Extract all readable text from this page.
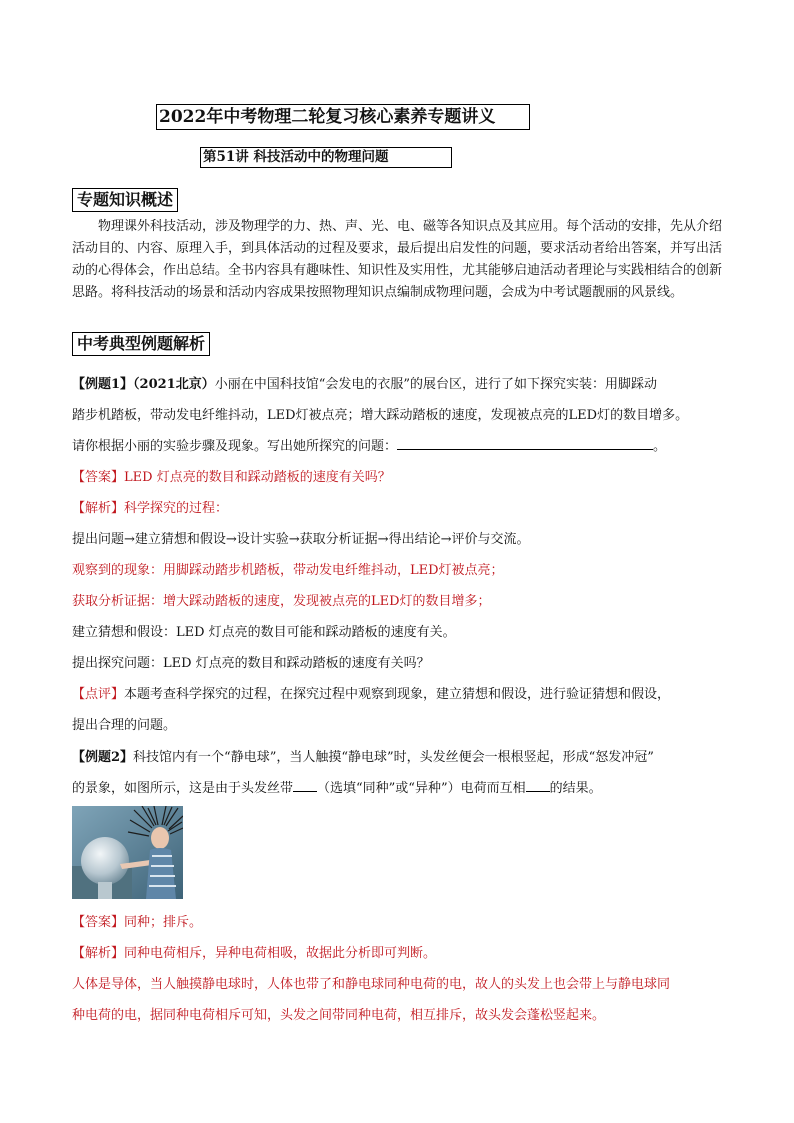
2022年中考物理二轮复习核心素养专题讲义
第51讲 科技活动中的物理问题
专题知识概述
物理课外科技活动，涉及物理学的力、热、声、光、电、磁等各知识点及其应用。每个活动的安排，先从介绍活动目的、内容、原理入手，到具体活动的过程及要求，最后提出启发性的问题，要求活动者给出答案，并写出活动的心得体会，作出总结。全书内容具有趣味性、知识性及实用性，尤其能够启迪活动者理论与实践相结合的创新思路。将科技活动的场景和活动内容成果按照物理知识点编制成物理问题，会成为中考试题靓丽的风景线。
中考典型例题解析
【例题1】（2021北京）小丽在中国科技馆“会发电的衣服”的展台区，进行了如下探究实装：用脚踩动
踏步机踏板，带动发电纤维抖动，LED灯被点亮；增大踩动踏板的速度，发现被点亮的LED灯的数目增多。
请你根据小丽的实验步骤及现象。写出她所探究的问题：	。
【答案】LED 灯点亮的数目和踩动踏板的速度有关吗？
【解析】科学探究的过程：
提出问题→建立猜想和假设→设计实验→获取分析证据→得出结论→评价与交流。
观察到的现象：用脚踩动踏步机踏板，带动发电纤维抖动，LED灯被点亮；
获取分析证据：增大踩动踏板的速度，发现被点亮的LED灯的数目增多；
建立猜想和假设：LED 灯点亮的数目可能和踩动踏板的速度有关。
提出探究问题：LED 灯点亮的数目和踩动踏板的速度有关吗？
【点评】本题考查科学探究的过程，在探究过程中观察到现象，建立猜想和假设，进行验证猜想和假设，
提出合理的问题。
【例题2】科技馆内有一个“静电球”，当人触摸“静电球”时，头发丝便会一根根竖起，形成“怒发冲冠”
的景象，如图所示，这是由于头发丝带 （选填“同种”或“异种”）电荷而互相 的结果。
【答案】同种；排斥。
【解析】同种电荷相斥，异种电荷相吸，故据此分析即可判断。
人体是导体，当人触摸静电球时，人体也带了和静电球同种电荷的电，故人的头发上也会带上与静电球同
种电荷的电，据同种电荷相斥可知，头发之间带同种电荷，相互排斥，故头发会蓬松竖起来。
